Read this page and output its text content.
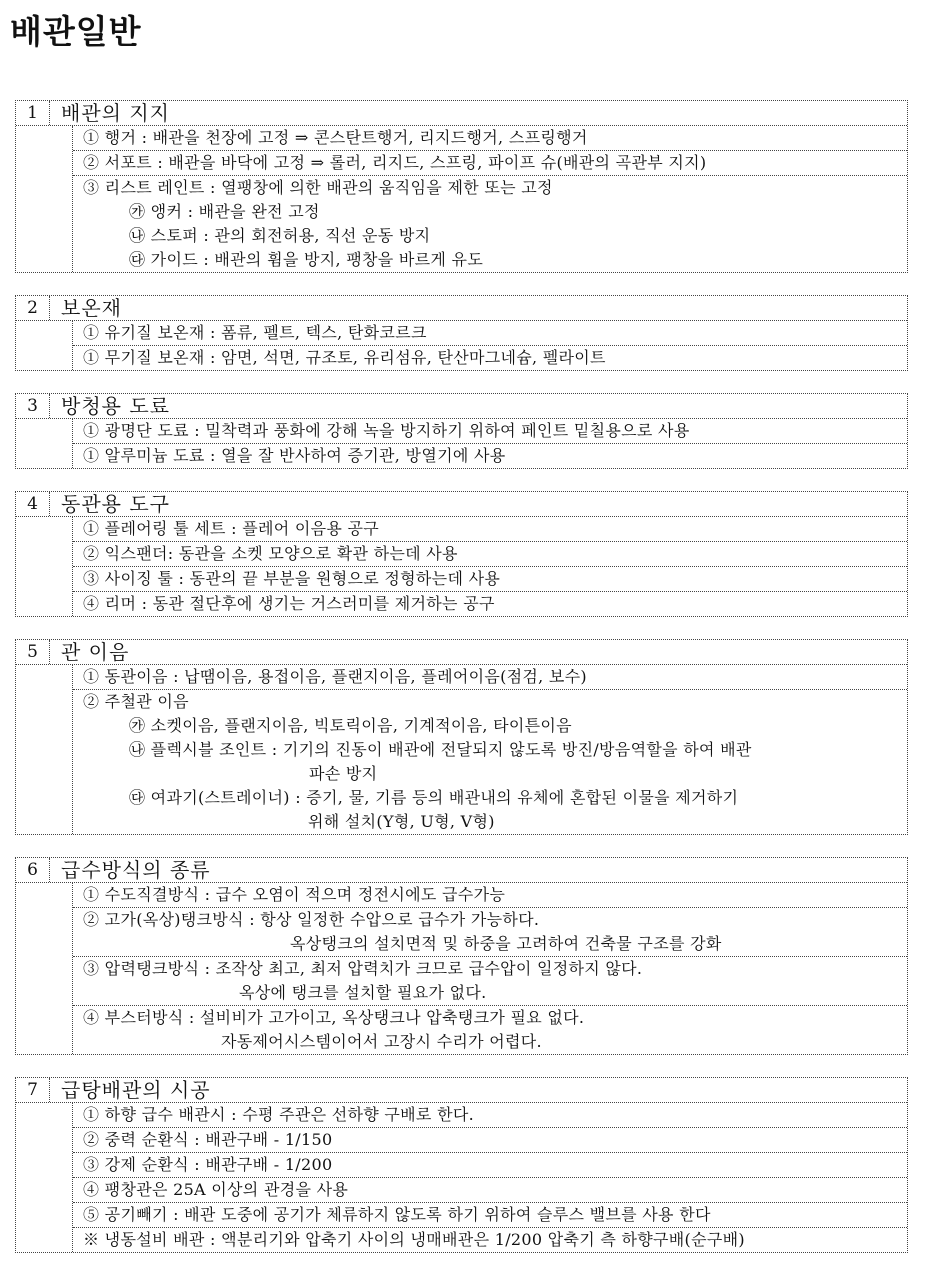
배관일반
1	배관의 지지
① 행거 : 배관을 천장에 고정 ⇒ 콘스탄트행거, 리지드행거, 스프링행거
② 서포트 : 배관을 바닥에 고정 ⇒ 롤러, 리지드, 스프링, 파이프 슈(배관의 곡관부 지지)
③ 리스트 레인트 : 열팽창에 의한 배관의 움직임을 제한 또는 고정
㉮ 앵커 : 배관을 완전 고정
㉯ 스토퍼 : 관의 회전허용, 직선 운동 방지
㉰ 가이드 : 배관의 휨을 방지, 팽창을 바르게 유도
2	보온재
① 유기질 보온재 : 폼류, 펠트, 텍스, 탄화코르크
① 무기질 보온재 : 암면, 석면, 규조토, 유리섬유, 탄산마그네슘, 펠라이트
3	방청용 도료
① 광명단 도료 : 밀착력과 풍화에 강해 녹을 방지하기 위하여 페인트 밑칠용으로 사용
① 알루미늄 도료 : 열을 잘 반사하여 증기관, 방열기에 사용
4	동관용 도구
① 플레어링 툴 세트 : 플레어 이음용 공구
② 익스팬더: 동관을 소켓 모양으로 확관 하는데 사용
③ 사이징 툴 : 동관의 끝 부분을 원형으로 정형하는데 사용
④ 리머 : 동관 절단후에 생기는 거스러미를 제거하는 공구
5	관 이음
① 동관이음 : 납땜이음, 용접이음, 플랜지이음, 플레어이음(점검, 보수)
② 주철관 이음
㉮ 소켓이음, 플랜지이음, 빅토릭이음, 기계적이음, 타이튼이음
㉯ 플렉시블 조인트 : 기기의 진동이 배관에 전달되지 않도록 방진/방음역할을 하여 배관
파손 방지
㉰ 여과기(스트레이너) : 증기, 물, 기름 등의 배관내의 유체에 혼합된 이물을 제거하기
위해 설치(Y형, U형, V형)
6	급수방식의 종류
① 수도직결방식 : 급수 오염이 적으며 정전시에도 급수가능
② 고가(옥상)탱크방식 : 항상 일정한 수압으로 급수가 가능하다.
옥상탱크의 설치면적 및 하중을 고려하여 건축물 구조를 강화
③ 압력탱크방식 : 조작상 최고, 최저 압력치가 크므로 급수압이 일정하지 않다.
옥상에 탱크를 설치할 필요가 없다.
④ 부스터방식 : 설비비가 고가이고, 옥상탱크나 압축탱크가 필요 없다.
자동제어시스템이어서 고장시 수리가 어렵다.
7	급탕배관의 시공
① 하향 급수 배관시 : 수평 주관은 선하향 구배로 한다.
② 중력 순환식 : 배관구배 - 1/150
③ 강제 순환식 : 배관구배 - 1/200
④ 팽창관은 25A 이상의 관경을 사용
⑤ 공기빼기 : 배관 도중에 공기가 체류하지 않도록 하기 위하여 슬루스 밸브를 사용 한다
※ 냉동설비 배관 : 액분리기와 압축기 사이의 냉매배관은 1/200 압축기 측 하향구배(순구배)
